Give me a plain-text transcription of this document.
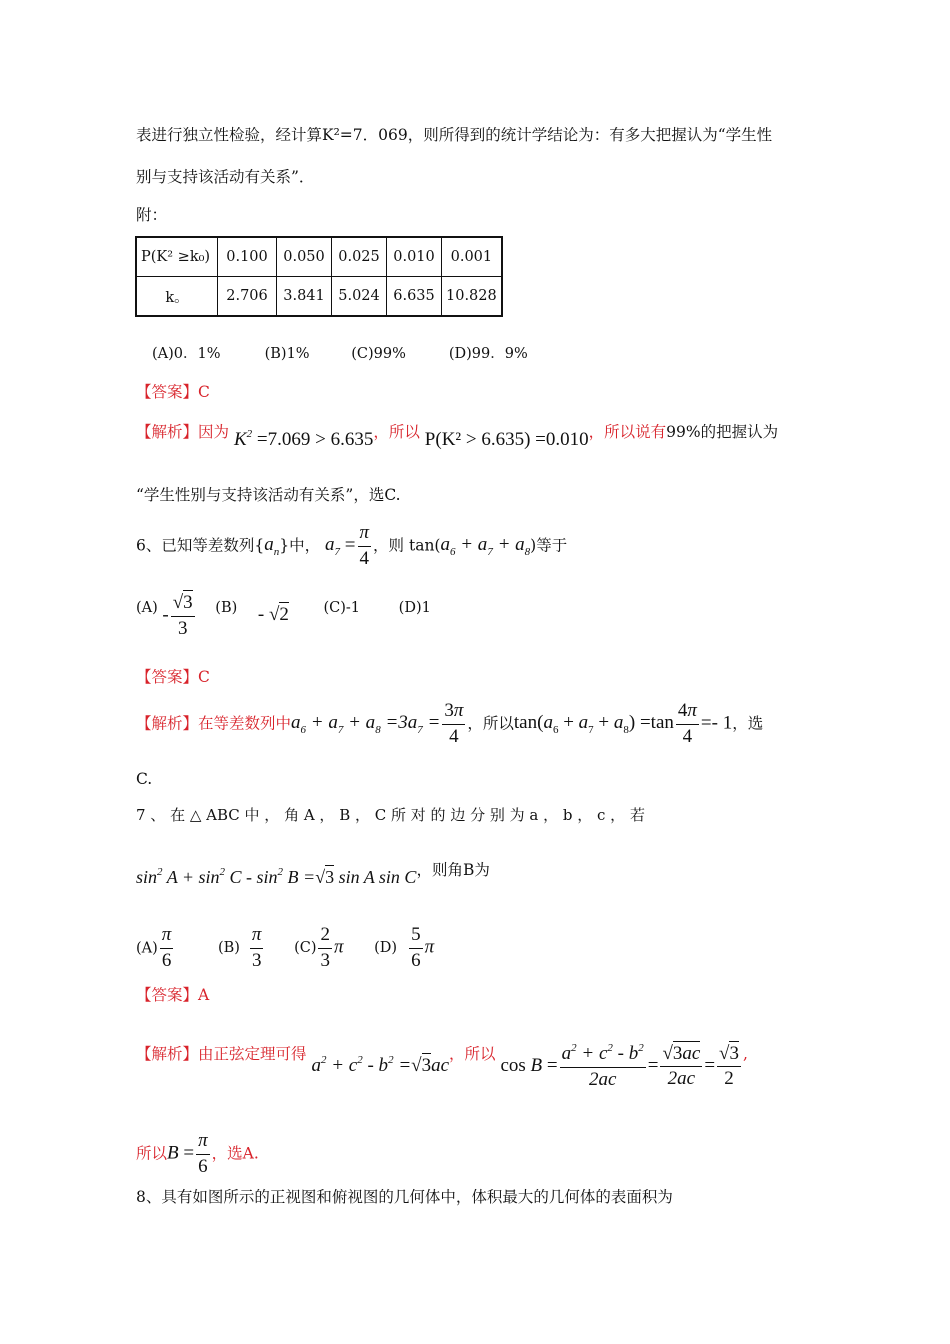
表进行独立性检验，经计算K²=7．069，则所得到的统计学结论为：有多大把握认为“学生性
别与支持该活动有关系”．
附：
P(K² ≥k₀)	0.100	0.050	0.025	0.010	0.001
k。	2.706	3.841	5.024	6.635	10.828
(A)0．1%	(B)1%	(C)99%	(D)99．9%
【答案】C
【解析】因为 $K^2 =7.069 > 6.635$，所以 P(K² > 6.635) =0.010，所以说有99%的把握认为
“学生性别与支持该活动有关系”，选C.
6、已知等差数列$\{a_n\}$中， $a_7 = \frac{\pi}{4}$ ，则 $\tan(a_6 + a_7 + a_8)$等于
$(A) - \frac{√3}{3} (B) - √2$ (C)-1	(D)1
【答案】C
【解析】在等差数列中$a_6 + a_7 + a_8 =3a_7 = \frac{3\pi}{4}$ ，所以$\tan(a_6 + a_7 + a_8) =\tan \frac{4\pi}{4} =- 1$，选
C.
7 、 在 △ ABC 中 ， 角 A ， B ， C 所 对 的 边 分 别 为 a ， b ， c ， 若
$\sin^2 A + \sin^2 C - \sin^2 B =√3$ sin A sin C，则角B为
$(A) \frac{\pi}{6}$	$(B) \frac{\pi}{3} (C) \frac{2}{3}$ π $(D) \frac{5}{6}$ π
【答案】A
【解析】由正弦定理可得 $a^2 + c^2 - b^2 =√3ac$，所以 $\cos B = \frac{a^2 + c^2 - b^2}{2ac} = \frac{√3ac}{2ac} = \frac{√3}{2}$ ,
所以$B = \frac{\pi}{6}$ ，选A.
8、具有如图所示的正视图和俯视图的几何体中，体积最大的几何体的表面积为
